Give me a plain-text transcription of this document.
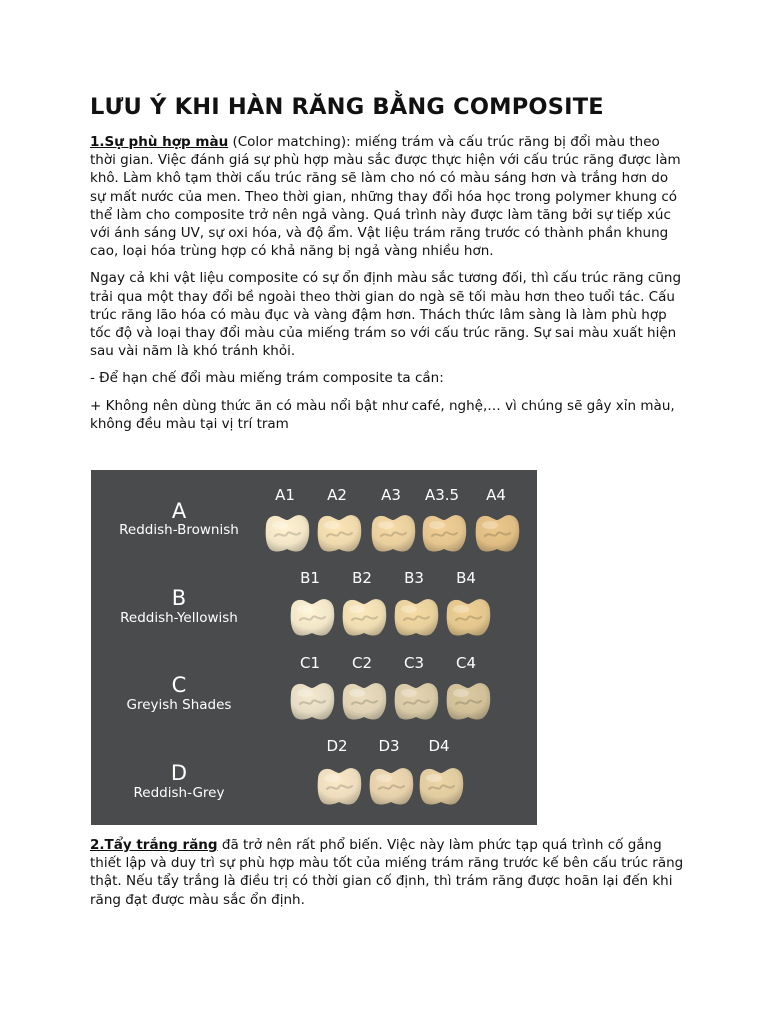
LƯU Ý KHI HÀN RĂNG BẰNG COMPOSITE

1.Sự phù hợp màu (Color matching): miếng trám và cấu trúc răng bị đổi màu theo thời gian. Việc đánh giá sự phù hợp màu sắc được thực hiện với cấu trúc răng được làm khô. Làm khô tạm thời cấu trúc răng sẽ làm cho nó có màu sáng hơn và trắng hơn do sự mất nước của men. Theo thời gian, những thay đổi hóa học trong polymer khung có thể làm cho composite trở nên ngả vàng. Quá trình này được làm tăng bởi sự tiếp xúc với ánh sáng UV, sự oxi hóa, và độ ẩm. Vật liệu trám răng trước có thành phần khung cao, loại hóa trùng hợp có khả năng bị ngả vàng nhiều hơn.

Ngay cả khi vật liệu composite có sự ổn định màu sắc tương đối, thì cấu trúc răng cũng trải qua một thay đổi bề ngoài theo thời gian do ngà sẽ tối màu hơn theo tuổi tác. Cấu trúc răng lão hóa có màu đục và vàng đậm hơn. Thách thức lâm sàng là làm phù hợp tốc độ và loại thay đổi màu của miếng trám so với cấu trúc răng. Sự sai màu xuất hiện sau vài năm là khó tránh khỏi.

- Để hạn chế đổi màu miếng trám composite ta cần:

+ Không nên dùng thức ăn có màu nổi bật như café, nghệ,… vì chúng sẽ gây xỉn màu, không đều màu tại vị trí tram

A
Reddish-Brownish
A1	A2	A3	A3.5	A4
B
Reddish-Yellowish
B1	B2	B3	B4
C
Greyish Shades
C1	C2	C3	C4
D
Reddish-Grey
D2	D3	D4

2.Tẩy trắng răng đã trở nên rất phổ biến. Việc này làm phức tạp quá trình cố gắng thiết lập và duy trì sự phù hợp màu tốt của miếng trám răng trước kế bên cấu trúc răng thật. Nếu tẩy trắng là điều trị có thời gian cố định, thì trám răng được hoãn lại đến khi răng đạt được màu sắc ổn định.
